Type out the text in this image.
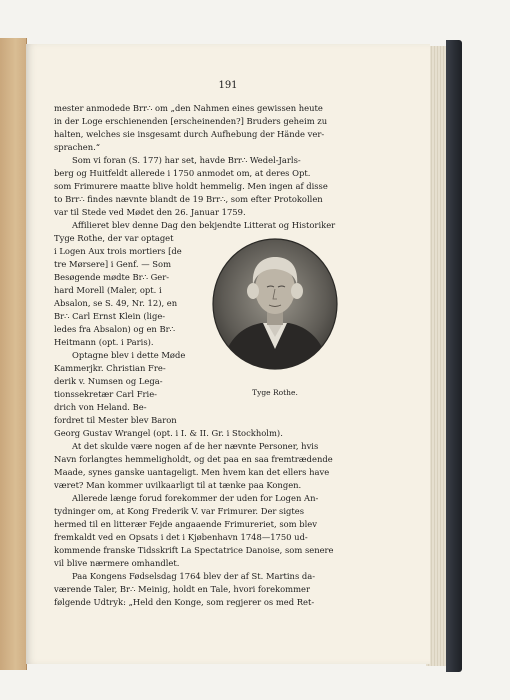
191
mester anmodede Brr∴ om „den Nahmen eines gewissen heute
in der Loge erschienenden [erscheinenden?] Bruders geheim zu
halten, welches sie insgesamt durch Aufhebung der Hände ver-
sprachen.“
Som vi foran (S. 177) har set, havde Brr∴ Wedel-Jarls-
berg og Huitfeldt allerede i 1750 anmodet om, at deres Opt.
som Frimurere maatte blive holdt hemmelig. Men ingen af disse
to Brr∴ findes nævnte blandt de 19 Brr∴, som efter Protokollen
var til Stede ved Mødet den 26. Januar 1759.
Affilieret blev denne Dag den bekjendte Litterat og Historiker
Tyge Rothe, der var optaget
i Logen Aux trois mortiers [de
tre Mørsere] i Genf. — Som
Besøgende mødte Br∴ Ger-
hard Morell (Maler, opt. i
Absalon, se S. 49, Nr. 12), en
Br∴ Carl Ernst Klein (lige-
ledes fra Absalon) og en Br∴
Heitmann (opt. i Paris).
Optagne blev i dette Møde
Kammerjkr. Christian Fre-
derik v. Numsen og Lega-
tionssekretær Carl Frie-
drich von Heland. Be-
fordret til Mester blev Baron
Georg Gustav Wrangel (opt. i I. & II. Gr. i Stockholm).
At det skulde være nogen af de her nævnte Personer, hvis
Navn forlangtes hemmeligholdt, og det paa en saa fremtrædende
Maade, synes ganske uantageligt. Men hvem kan det ellers have
været? Man kommer uvilkaarligt til at tænke paa Kongen.
Allerede længe forud forekommer der uden for Logen An-
tydninger om, at Kong Frederik V. var Frimurer. Der sigtes
hermed til en litterær Fejde angaaende Frimureriet, som blev
fremkaldt ved en Opsats i det i Kjøbenhavn 1748—1750 ud-
kommende franske Tidsskrift La Spectatrice Danoise, som senere
vil blive nærmere omhandlet.
Paa Kongens Fødselsdag 1764 blev der af St. Martins da-
værende Taler, Br∴ Meinig, holdt en Tale, hvori forekommer
følgende Udtryk: „Held den Konge, som regjerer os med Ret-
Tyge Rothe.
